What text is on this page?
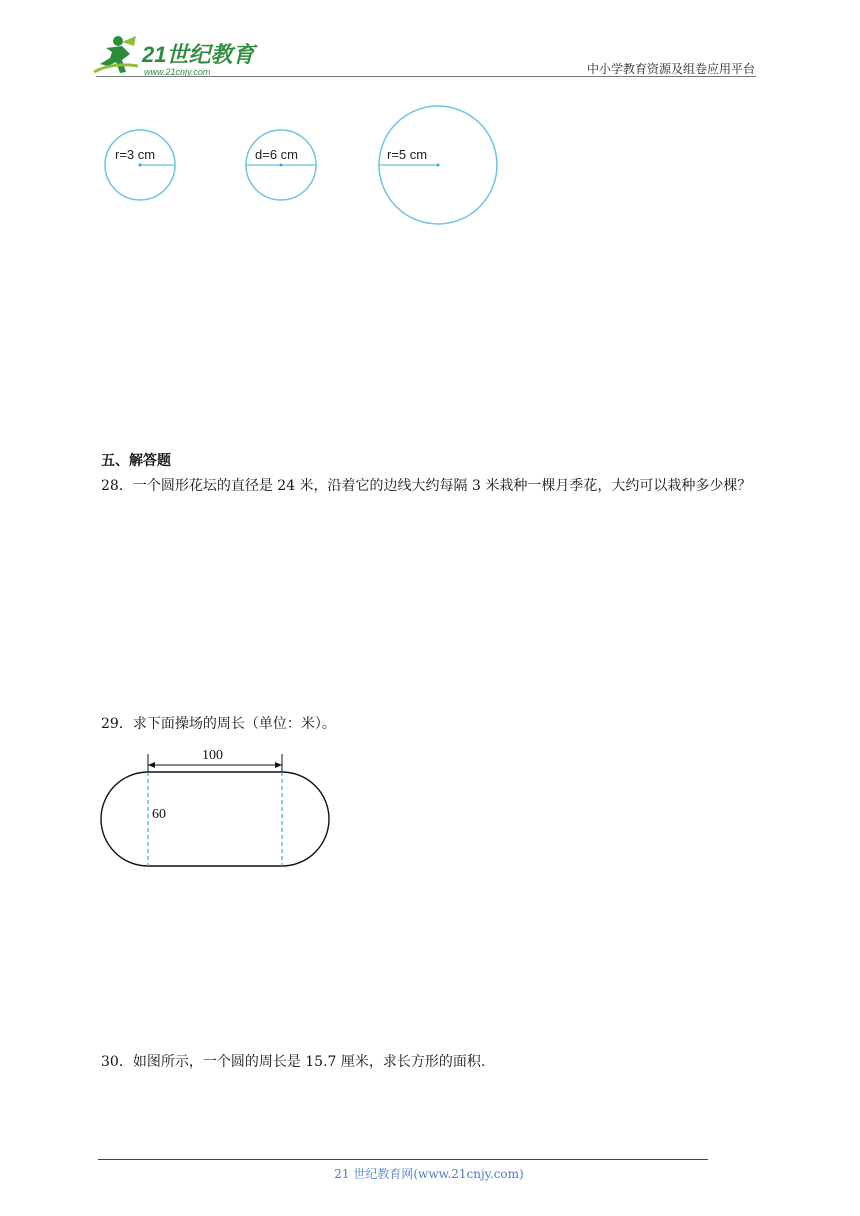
21世纪教育
www.21cnjy.com	中小学教育资源及组卷应用平台
r=3 cm	d=6 cm	r=5 cm
五、解答题
28．一个圆形花坛的直径是 24 米，沿着它的边线大约每隔 3 米栽种一棵月季花，大约可以栽种多少棵？
29．求下面操场的周长（单位：米）。
100
60
30．如图所示，一个圆的周长是 15.7 厘米，求长方形的面积.
21 世纪教育网(www.21cnjy.com)
